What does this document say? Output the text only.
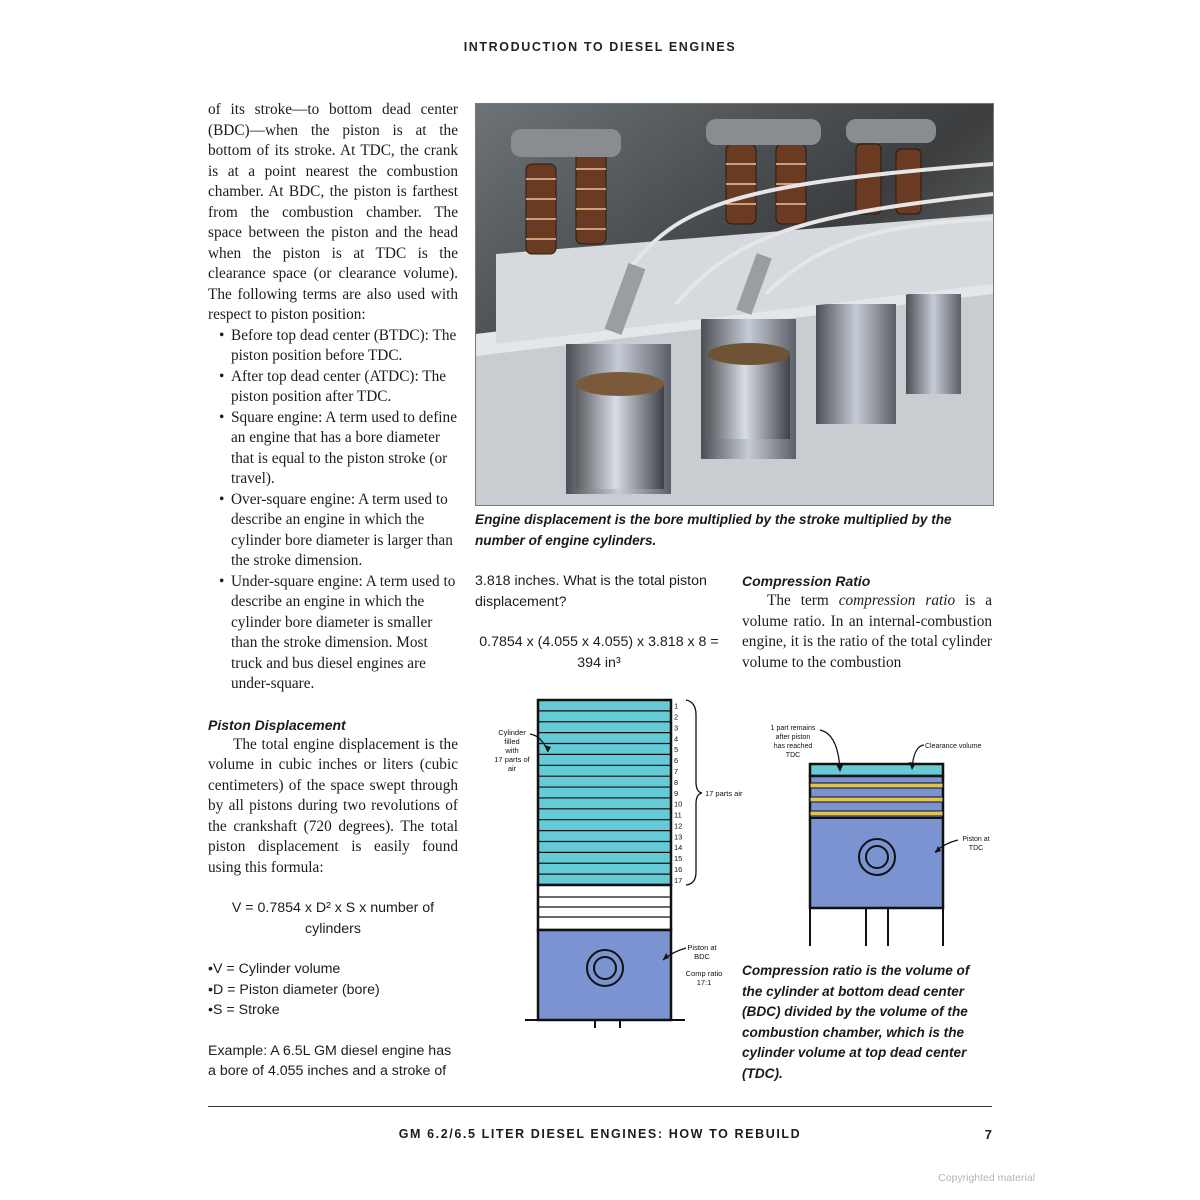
INTRODUCTION TO DIESEL ENGINES

of its stroke—to bottom dead center (BDC)—when the piston is at the bottom of its stroke. At TDC, the crank is at a point nearest the combustion chamber. At BDC, the piston is farthest from the combustion chamber. The space between the piston and the head when the piston is at TDC is the clearance space (or clearance volume). The following terms are also used with respect to piston position:

• Before top dead center (BTDC): The piston position before TDC.
• After top dead center (ATDC): The piston position after TDC.
• Square engine: A term used to define an engine that has a bore diameter that is equal to the piston stroke (or travel).
• Over-square engine: A term used to describe an engine in which the cylinder bore diameter is larger than the stroke dimension.
• Under-square engine: A term used to describe an engine in which the cylinder bore diameter is smaller than the stroke dimension. Most truck and bus diesel engines are under-square.
Piston Displacement

The total engine displacement is the volume in cubic inches or liters (cubic centimeters) of the space swept through by all pistons during two revolutions of the crankshaft (720 degrees). The total piston displacement is easily found using this formula:

V = 0.7854 x D² x S x number of
cylinders
• V = Cylinder volume
• D = Piston diameter (bore)
• S = Stroke
Example: A 6.5L GM diesel engine has a bore of 4.055 inches and a stroke of
Engine displacement is the bore multiplied by the stroke multiplied by the number of engine cylinders.
3.818 inches. What is the total piston displacement?
0.7854 x (4.055 x 4.055) x 3.818 x 8 =
394 in³
Compression Ratio

The term compression ratio is a volume ratio. In an internal-combustion engine, it is the ratio of the total cylinder volume to the combustion

Cylinder
filled
with
17 parts of
air
1
2
3
4
5
6
7
8
9
10
11
12
13
14
15
16
17
17 parts air
Piston at
BDC
Comp ratio
17:1
1 part remains
after piston
has reached
TDC
Clearance volume
Piston at
TDC
Compression ratio is the volume of the cylinder at bottom dead center (BDC) divided by the volume of the combustion chamber, which is the cylinder volume at top dead center (TDC).
GM 6.2/6.5 LITER DIESEL ENGINES: HOW TO REBUILD	7
Copyrighted material
